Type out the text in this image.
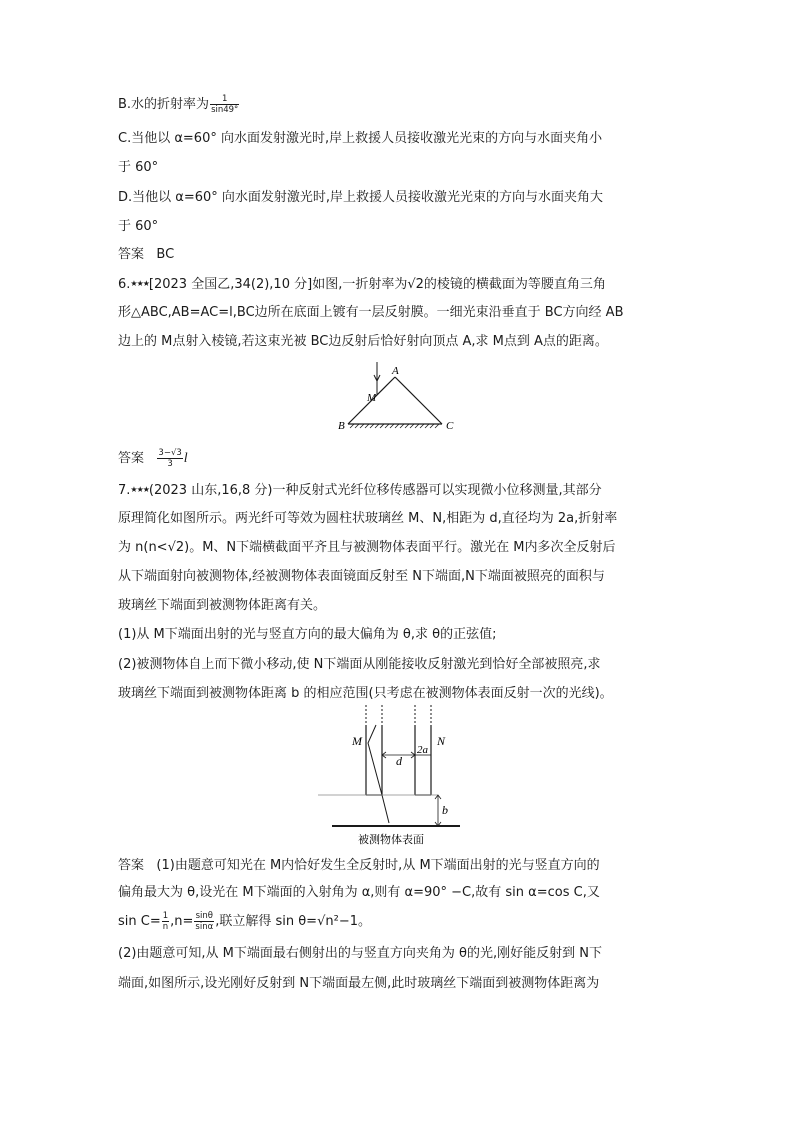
B.水的折射率为 $\frac{1}{\sin 49^\circ}$
C.当他以 α=60° 向水面发射激光时,岸上救援人员接收激光光束的方向与水面夹角小
于 60°
D.当他以 α=60° 向水面发射激光时,岸上救援人员接收激光光束的方向与水面夹角大
于 60°
答案 BC
6.★★★[2023 全国乙,34(2),10 分]如图,一折射率为√2的棱镜的横截面为等腰直角三角
形△ABC,AB=AC=l,BC边所在底面上镀有一层反射膜。一细光束沿垂直于 BC方向经 AB
边上的 M点射入棱镜,若这束光被 BC边反射后恰好射向顶点 A,求 M点到 A点的距离。
A
M
B	C
答案 $\frac{3-√3}{3}$ l
7.★★★(2023 山东,16,8 分)一种反射式光纤位移传感器可以实现微小位移测量,其部分
原理简化如图所示。两光纤可等效为圆柱状玻璃丝 M、N,相距为 d,直径均为 2a,折射率
为 n(n<√2)。M、N下端横截面平齐且与被测物体表面平行。激光在 M内多次全反射后
从下端面射向被测物体,经被测物体表面镜面反射至 N下端面,N下端面被照亮的面积与
玻璃丝下端面到被测物体距离有关。
(1)从 M下端面出射的光与竖直方向的最大偏角为 θ,求 θ的正弦值;
(2)被测物体自上而下微小移动,使 N下端面从刚能接收反射激光到恰好全部被照亮,求
玻璃丝下端面到被测物体距离 b 的相应范围(只考虑在被测物体表面反射一次的光线)。
M	N
d
2a
b
被测物体表面
答案 (1)由题意可知光在 M内恰好发生全反射时,从 M下端面出射的光与竖直方向的
偏角最大为 θ,设光在 M下端面的入射角为 α,则有 α=90° −C,故有 sin α=cos C,又
$\sin C= \frac{1}{n} ,n= \frac{\sin\theta}{\sin\alpha}$ ,联立解得 sin θ=√n²−1。
(2)由题意可知,从 M下端面最右侧射出的与竖直方向夹角为 θ的光,刚好能反射到 N下
端面,如图所示,设光刚好反射到 N下端面最左侧,此时玻璃丝下端面到被测物体距离为
